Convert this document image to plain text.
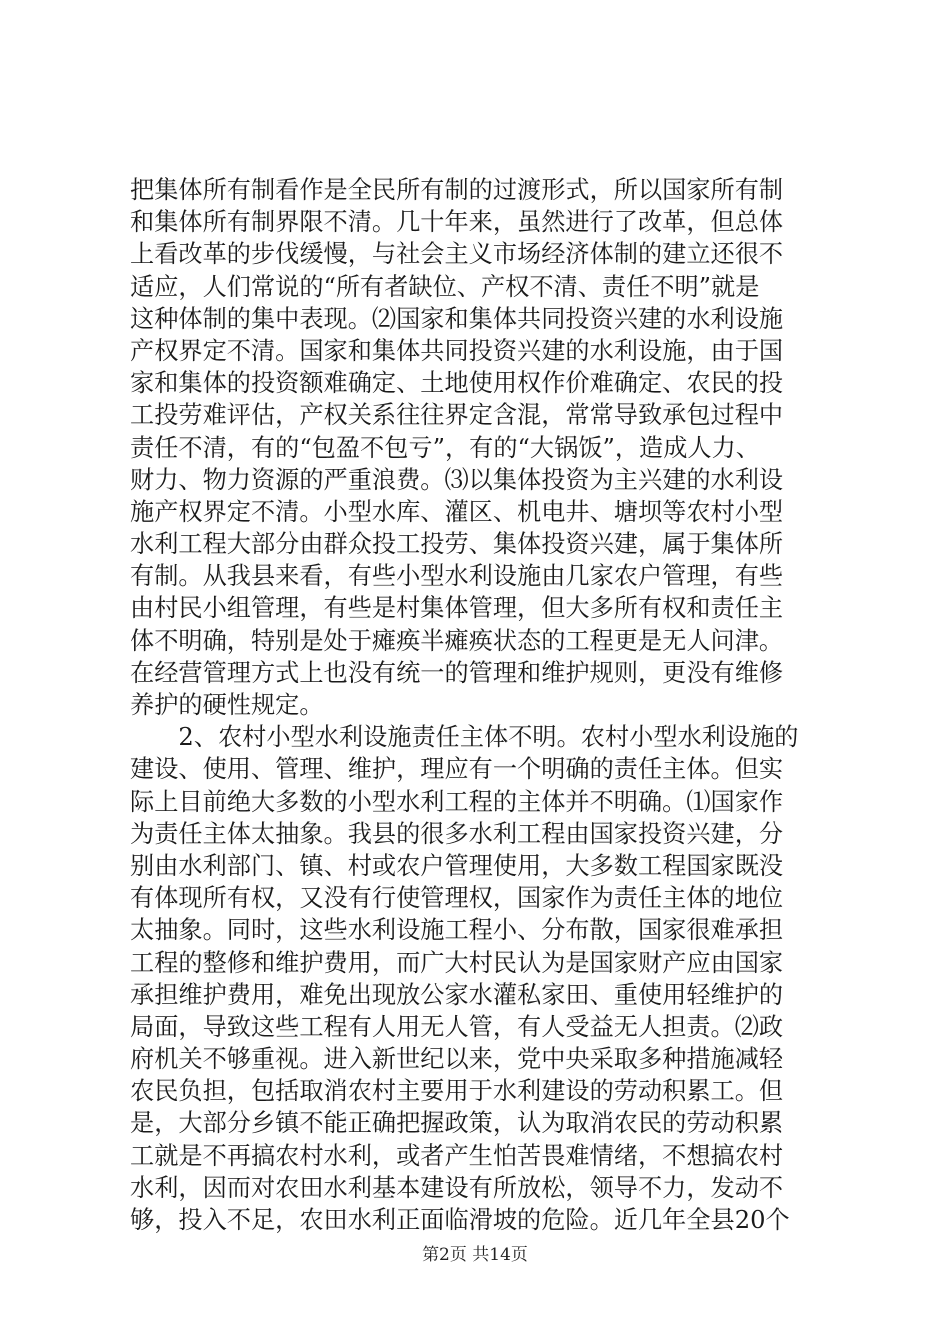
把集体所有制看作是全民所有制的过渡形式，所以国家所有制
和集体所有制界限不清。几十年来，虽然进行了改革，但总体
上看改革的步伐缓慢，与社会主义市场经济体制的建立还很不
适应，人们常说的“所有者缺位、产权不清、责任不明”就是
这种体制的集中表现。⑵国家和集体共同投资兴建的水利设施
产权界定不清。国家和集体共同投资兴建的水利设施，由于国
家和集体的投资额难确定、土地使用权作价难确定、农民的投
工投劳难评估，产权关系往往界定含混，常常导致承包过程中
责任不清，有的“包盈不包亏”，有的“大锅饭”，造成人力、
财力、物力资源的严重浪费。⑶以集体投资为主兴建的水利设
施产权界定不清。小型水库、灌区、机电井、塘坝等农村小型
水利工程大部分由群众投工投劳、集体投资兴建，属于集体所
有制。从我县来看，有些小型水利设施由几家农户管理，有些
由村民小组管理，有些是村集体管理，但大多所有权和责任主
体不明确，特别是处于瘫痪半瘫痪状态的工程更是无人问津。
在经营管理方式上也没有统一的管理和维护规则，更没有维修
养护的硬性规定。
　　2、农村小型水利设施责任主体不明。农村小型水利设施的
建设、使用、管理、维护，理应有一个明确的责任主体。但实
际上目前绝大多数的小型水利工程的主体并不明确。⑴国家作
为责任主体太抽象。我县的很多水利工程由国家投资兴建，分
别由水利部门、镇、村或农户管理使用，大多数工程国家既没
有体现所有权，又没有行使管理权，国家作为责任主体的地位
太抽象。同时，这些水利设施工程小、分布散，国家很难承担
工程的整修和维护费用，而广大村民认为是国家财产应由国家
承担维护费用，难免出现放公家水灌私家田、重使用轻维护的
局面，导致这些工程有人用无人管，有人受益无人担责。⑵政
府机关不够重视。进入新世纪以来，党中央采取多种措施减轻
农民负担，包括取消农村主要用于水利建设的劳动积累工。但
是，大部分乡镇不能正确把握政策，认为取消农民的劳动积累
工就是不再搞农村水利，或者产生怕苦畏难情绪，不想搞农村
水利，因而对农田水利基本建设有所放松，领导不力，发动不
够，投入不足，农田水利正面临滑坡的危险。近几年全县20个
第2页 共14页
